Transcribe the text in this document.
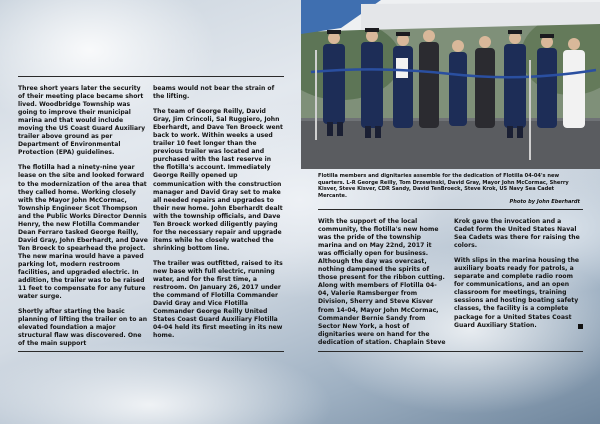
Three short years later the security of their meeting place became short lived. Woodbridge Township was going to improve their municipal marina and that would include moving the US Coast Guard Auxiliary trailer above ground as per Department of Environmental Protection (EPA) guidelines.

The flotilla had a ninety-nine year lease on the site and looked forward to the modernization of the area that they called home. Working closely with the Mayor John McCormac, Township Engineer Scot Thompson and the Public Works Director Dennis Henry, the new Flotilla Commander Dean Ferraro tasked George Reilly, David Gray, John Eberhardt, and Dave Ten Broeck to spearhead the project. The new marina would have a paved parking lot, modern restroom facilities, and upgraded electric. In addition, the trailer was to be raised 11 feet to compensate for any future water surge.

Shortly after starting the basic planning of lifting the trailer on to an elevated foundation a major structural flaw was discovered. One of the main support

beams would not bear the strain of the lifting.

The team of George Reilly, David Gray, Jim Crincoli, Sal Ruggiero, John Eberhardt, and Dave Ten Broeck went back to work. Within weeks a used trailer 10 feet longer than the previous trailer was located and purchased with the last reserve in the flotilla's account. Immediately George Reilly opened up communication with the construction manager and David Gray set to make all needed repairs and upgrades to their new home. John Eberhardt dealt with the township officials, and Dave Ten Broeck worked diligently paying for the necessary repair and upgrade items while he closely watched the shrinking bottom line.

The trailer was outfitted, raised to its new base with full electric, running water, and for the first time, a restroom. On January 26, 2017 under the command of Flotilla Commander David Gray and Vice Flotilla Commander George Reilly United States Coast Guard Auxiliary Flotilla 04-04 held its first meeting in its new home.

Flotilla members and dignitaries assemble for the dedication of Flotilla 04-04's new quarters. L-R George Reilly, Tom Drzewinski, David Gray, Mayor John McCormac, Sherry Kisver, Steve Kisver, CDR Sandy, David TenBroeck, Steve Krok, US Navy Sea Cadet Mercante.
Photo by John Eberhardt

With the support of the local community, the flotilla's new home was the pride of the township marina and on May 22nd, 2017 it was officially open for business. Although the day was overcast, nothing dampened the spirits of those present for the ribbon cutting. Along with members of Flotilla 04-04, Valerie Ramsberger from Division, Sherry and Steve Kisver from 14-04, Mayor John McCormac, Commander Bernie Sandy from Sector New York, a host of dignitaries were on hand for the dedication of station. Chaplain Steve

Krok gave the invocation and a Cadet form the United States Naval Sea Cadets was there for raising the colors.

With slips in the marina housing the auxiliary boats ready for patrols, a separate and complete radio room for communications, and an open classroom for meetings, training sessions and hosting boating safety classes, the facility is a complete package for a United States Coast Guard Auxiliary Station.
